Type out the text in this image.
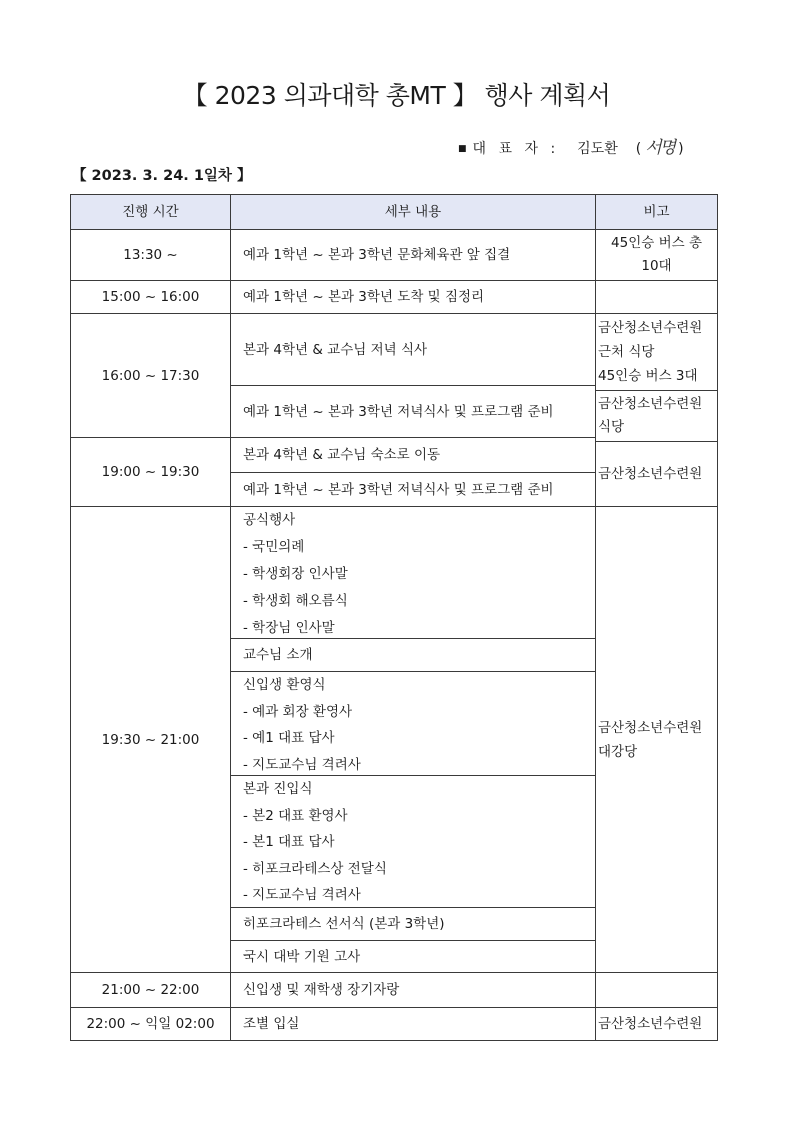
【 2023 의과대학 총MT 】 행사 계획서
■ 대 표 자 : 김도환 ( 서명 )
【 2023. 3. 24. 1일차 】
진행 시간	세부 내용	비고
13:30 ~
15:00 ~ 16:00
16:00 ~ 17:30
19:00 ~ 19:30
19:30 ~ 21:00
21:00 ~ 22:00
22:00 ~ 익일 02:00
예과 1학년 ~ 본과 3학년 문화체육관 앞 집결
예과 1학년 ~ 본과 3학년 도착 및 짐정리
본과 4학년 & 교수님 저녁 식사
예과 1학년 ~ 본과 3학년 저녁식사 및 프로그램 준비
본과 4학년 & 교수님 숙소로 이동
예과 1학년 ~ 본과 3학년 저녁식사 및 프로그램 준비
공식행사
- 국민의례
- 학생회장 인사말
- 학생회 해오름식
- 학장님 인사말
교수님 소개
신입생 환영식
- 예과 회장 환영사
- 예1 대표 답사
- 지도교수님 격려사
본과 진입식
- 본2 대표 환영사
- 본1 대표 답사
- 히포크라테스상 전달식
- 지도교수님 격려사
히포크라테스 선서식 (본과 3학년)
국시 대박 기원 고사
신입생 및 재학생 장기자랑
조별 입실
45인승 버스 총
10대
금산청소년수련원
근처 식당
45인승 버스 3대
금산청소년수련원
식당
금산청소년수련원
금산청소년수련원
대강당
금산청소년수련원
